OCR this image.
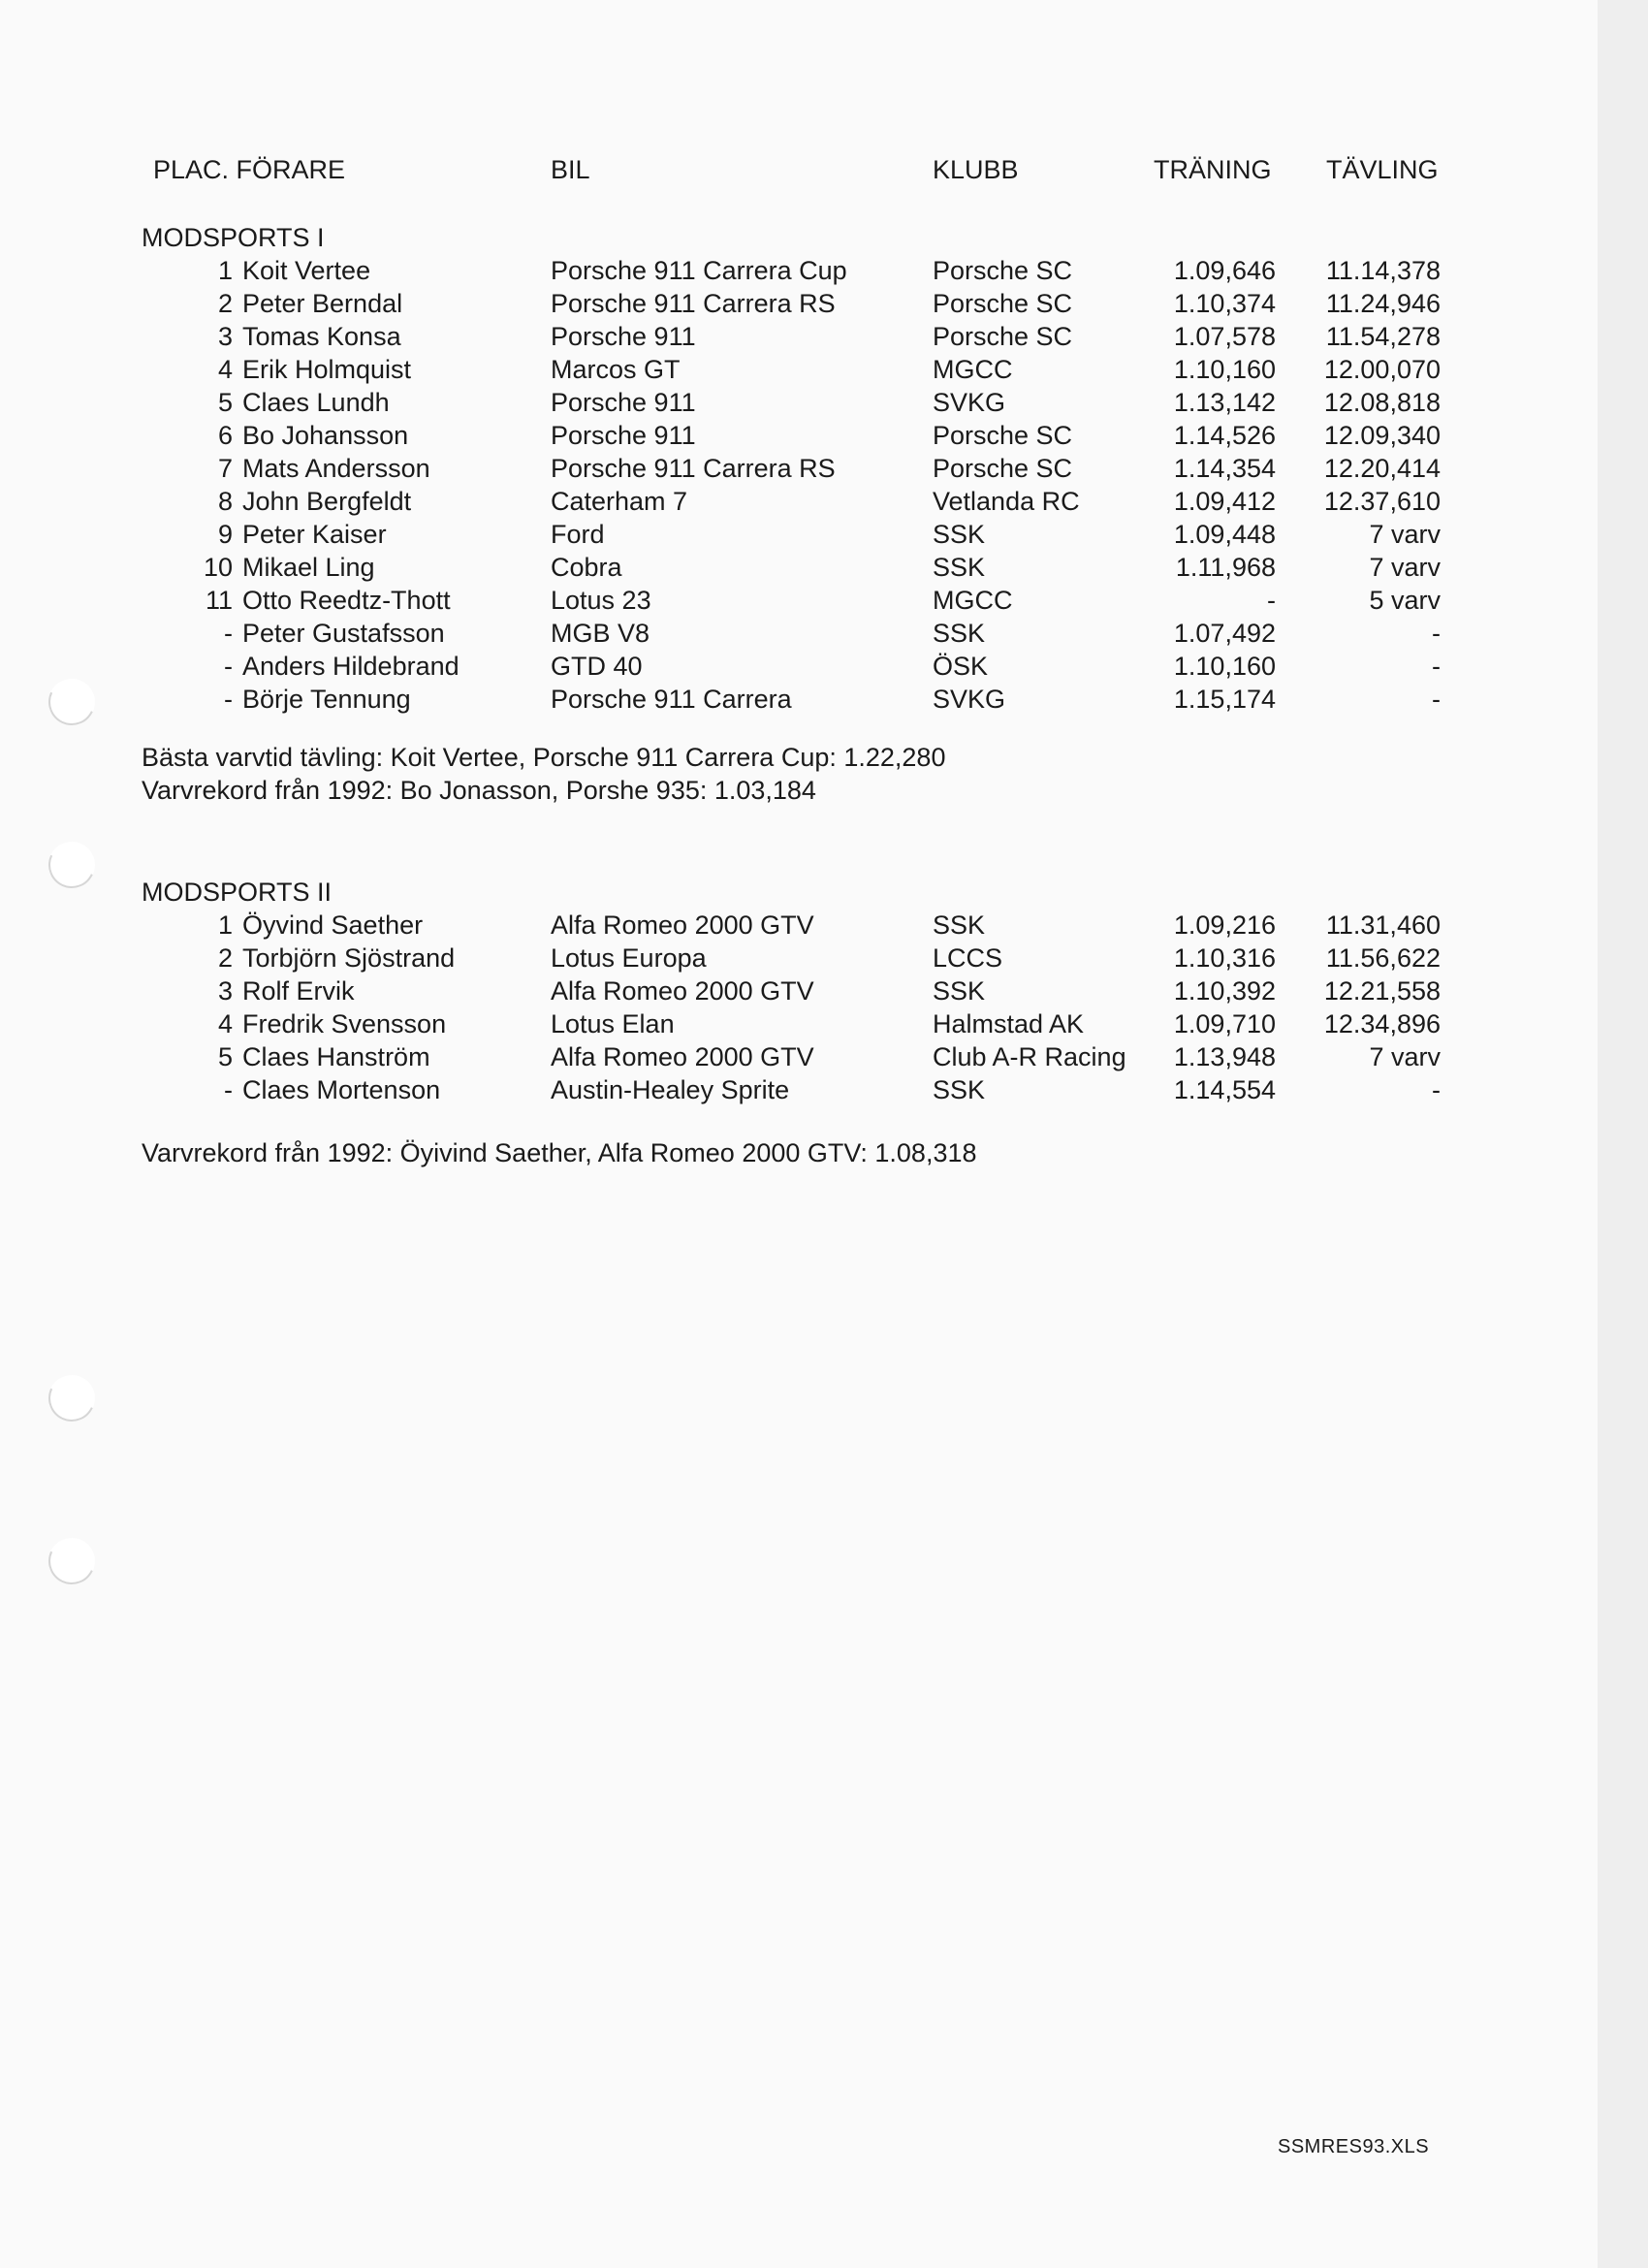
PLAC. FÖRARE	BIL	KLUBB	TRÄNING TÄVLING
MODSPORTS I
1 Koit Vertee	Porsche 911 Carrera Cup	Porsche SC	1.09,646	11.14,378
2 Peter Berndal	Porsche 911 Carrera RS	Porsche SC	1.10,374	11.24,946
3 Tomas Konsa	Porsche 911	Porsche SC	1.07,578	11.54,278
4 Erik Holmquist	Marcos GT	MGCC	1.10,160	12.00,070
5 Claes Lundh	Porsche 911	SVKG	1.13,142	12.08,818
6 Bo Johansson	Porsche 911	Porsche SC	1.14,526	12.09,340
7 Mats Andersson	Porsche 911 Carrera RS	Porsche SC	1.14,354	12.20,414
8 John Bergfeldt	Caterham 7	Vetlanda RC	1.09,412	12.37,610
9 Peter Kaiser	Ford	SSK	1.09,448	7 varv
10 Mikael Ling	Cobra	SSK	1.11,968	7 varv
11 Otto Reedtz-Thott	Lotus 23	MGCC	-	5 varv
- Peter Gustafsson	MGB V8	SSK	1.07,492	-
- Anders Hildebrand	GTD 40	ÖSK	1.10,160	-
- Börje Tennung	Porsche 911 Carrera	SVKG	1.15,174	-
Bästa varvtid tävling: Koit Vertee, Porsche 911 Carrera Cup: 1.22,280
Varvrekord från 1992: Bo Jonasson, Porshe 935: 1.03,184
MODSPORTS II
1 Öyvind Saether	Alfa Romeo 2000 GTV	SSK	1.09,216	11.31,460
2 Torbjörn Sjöstrand	Lotus Europa	LCCS	1.10,316	11.56,622
3 Rolf Ervik	Alfa Romeo 2000 GTV	SSK	1.10,392	12.21,558
4 Fredrik Svensson	Lotus Elan	Halmstad AK	1.09,710	12.34,896
5 Claes Hanström	Alfa Romeo 2000 GTV	Club A-R Racing	1.13,948	7 varv
- Claes Mortenson	Austin-Healey Sprite	SSK	1.14,554	-
Varvrekord från 1992: Öyivind Saether, Alfa Romeo 2000 GTV: 1.08,318
SSMRES93.XLS
